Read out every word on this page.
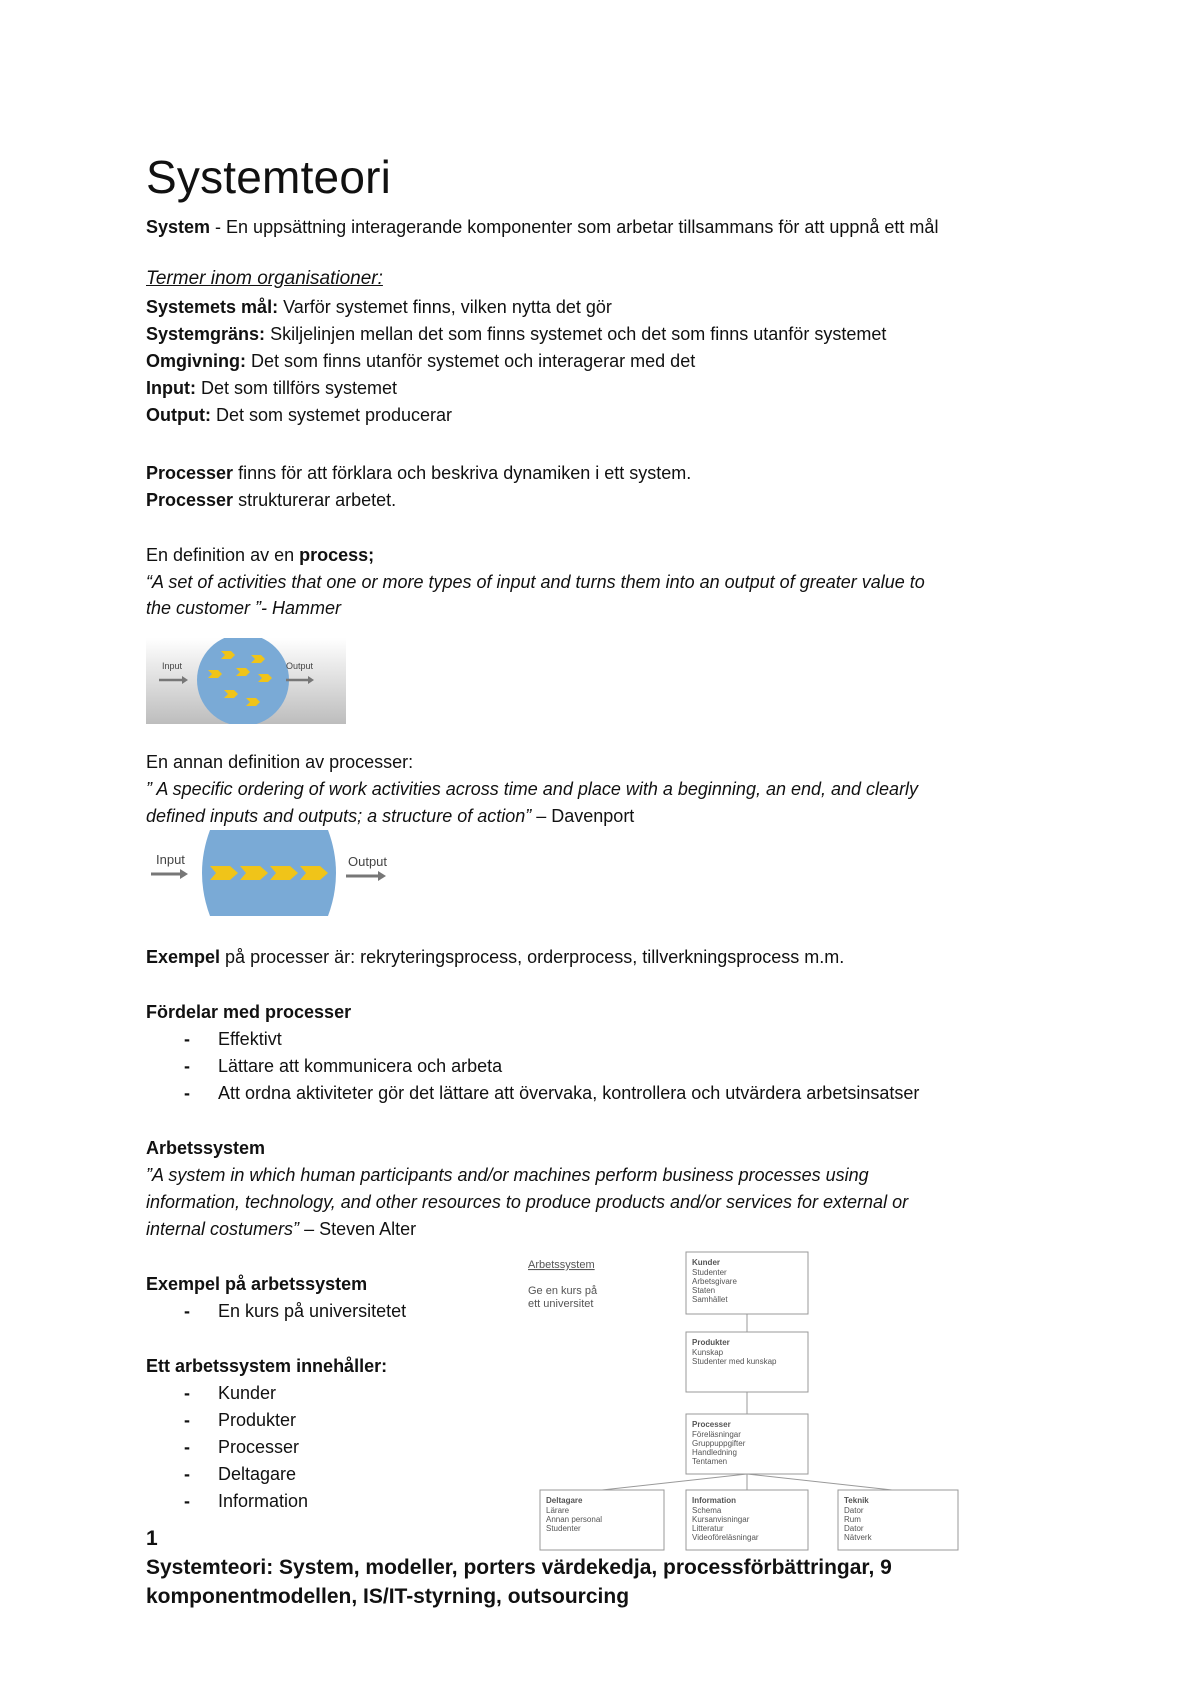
Systemteori
System - En uppsättning interagerande komponenter som arbetar tillsammans för att uppnå ett mål
Termer inom organisationer:
Systemets mål: Varför systemet finns, vilken nytta det gör
Systemgräns: Skiljelinjen mellan det som finns systemet och det som finns utanför systemet
Omgivning: Det som finns utanför systemet och interagerar med det
Input: Det som tillförs systemet
Output: Det som systemet producerar
Processer finns för att förklara och beskriva dynamiken i ett system.
Processer strukturerar arbetet.
En definition av en process;
“A set of activities that one or more types of input and turns them into an output of greater value to
the customer ”- Hammer
Input	Output
En annan definition av processer:
” A specific ordering of work activities across time and place with a beginning, an end, and clearly
defined inputs and outputs; a structure of action” – Davenport
Input	Output
Exempel på processer är: rekryteringsprocess, orderprocess, tillverkningsprocess m.m.
Fördelar med processer
- Effektivt
- Lättare att kommunicera och arbeta
- Att ordna aktiviteter gör det lättare att övervaka, kontrollera och utvärdera arbetsinsatser
Arbetssystem
”A system in which human participants and/or machines perform business processes using
information, technology, and other resources to produce products and/or services for external or
internal costumers” – Steven Alter
Exempel på arbetssystem
- En kurs på universitetet
Ett arbetssystem innehåller:
- Kunder
- Produkter
- Processer
- Deltagare
- Information
Arbetssystem
Ge en kurs på
ett universitet
Kunder
Studenter
Arbetsgivare
Staten
Samhället
Produkter
Kunskap
Studenter med kunskap
Processer
Föreläsningar
Gruppuppgifter
Handledning
Tentamen
Deltagare
Lärare
Annan personal
Studenter
Information
Schema
Kursanvisningar
Litteratur
Videoföreläsningar
Teknik
Dator
Rum
Dator
Nätverk
1
Systemteori: System, modeller, porters värdekedja, processförbättringar, 9
komponentmodellen, IS/IT-styrning, outsourcing
